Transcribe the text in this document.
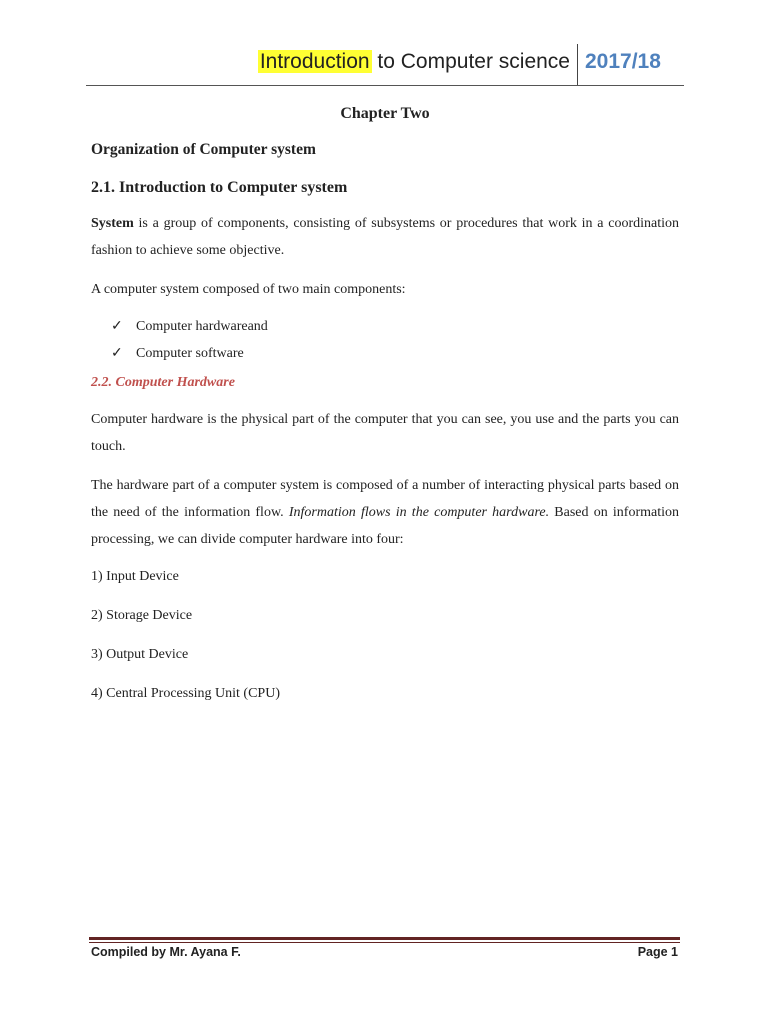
Introduction to Computer science 2017/18
Chapter Two
Organization of Computer system
2.1. Introduction to Computer system

System is a group of components, consisting of subsystems or procedures that work in a coordination fashion to achieve some objective.

A computer system composed of two main components:

✓ Computer hardwareand
✓ Computer software
2.2. Computer Hardware

Computer hardware is the physical part of the computer that you can see, you use and the parts you can touch.

The hardware part of a computer system is composed of a number of interacting physical parts based on the need of the information flow. Information flows in the computer hardware. Based on information processing, we can divide computer hardware into four:

1) Input Device
2) Storage Device
3) Output Device
4) Central Processing Unit (CPU)
Compiled by Mr. Ayana F.	Page 1
